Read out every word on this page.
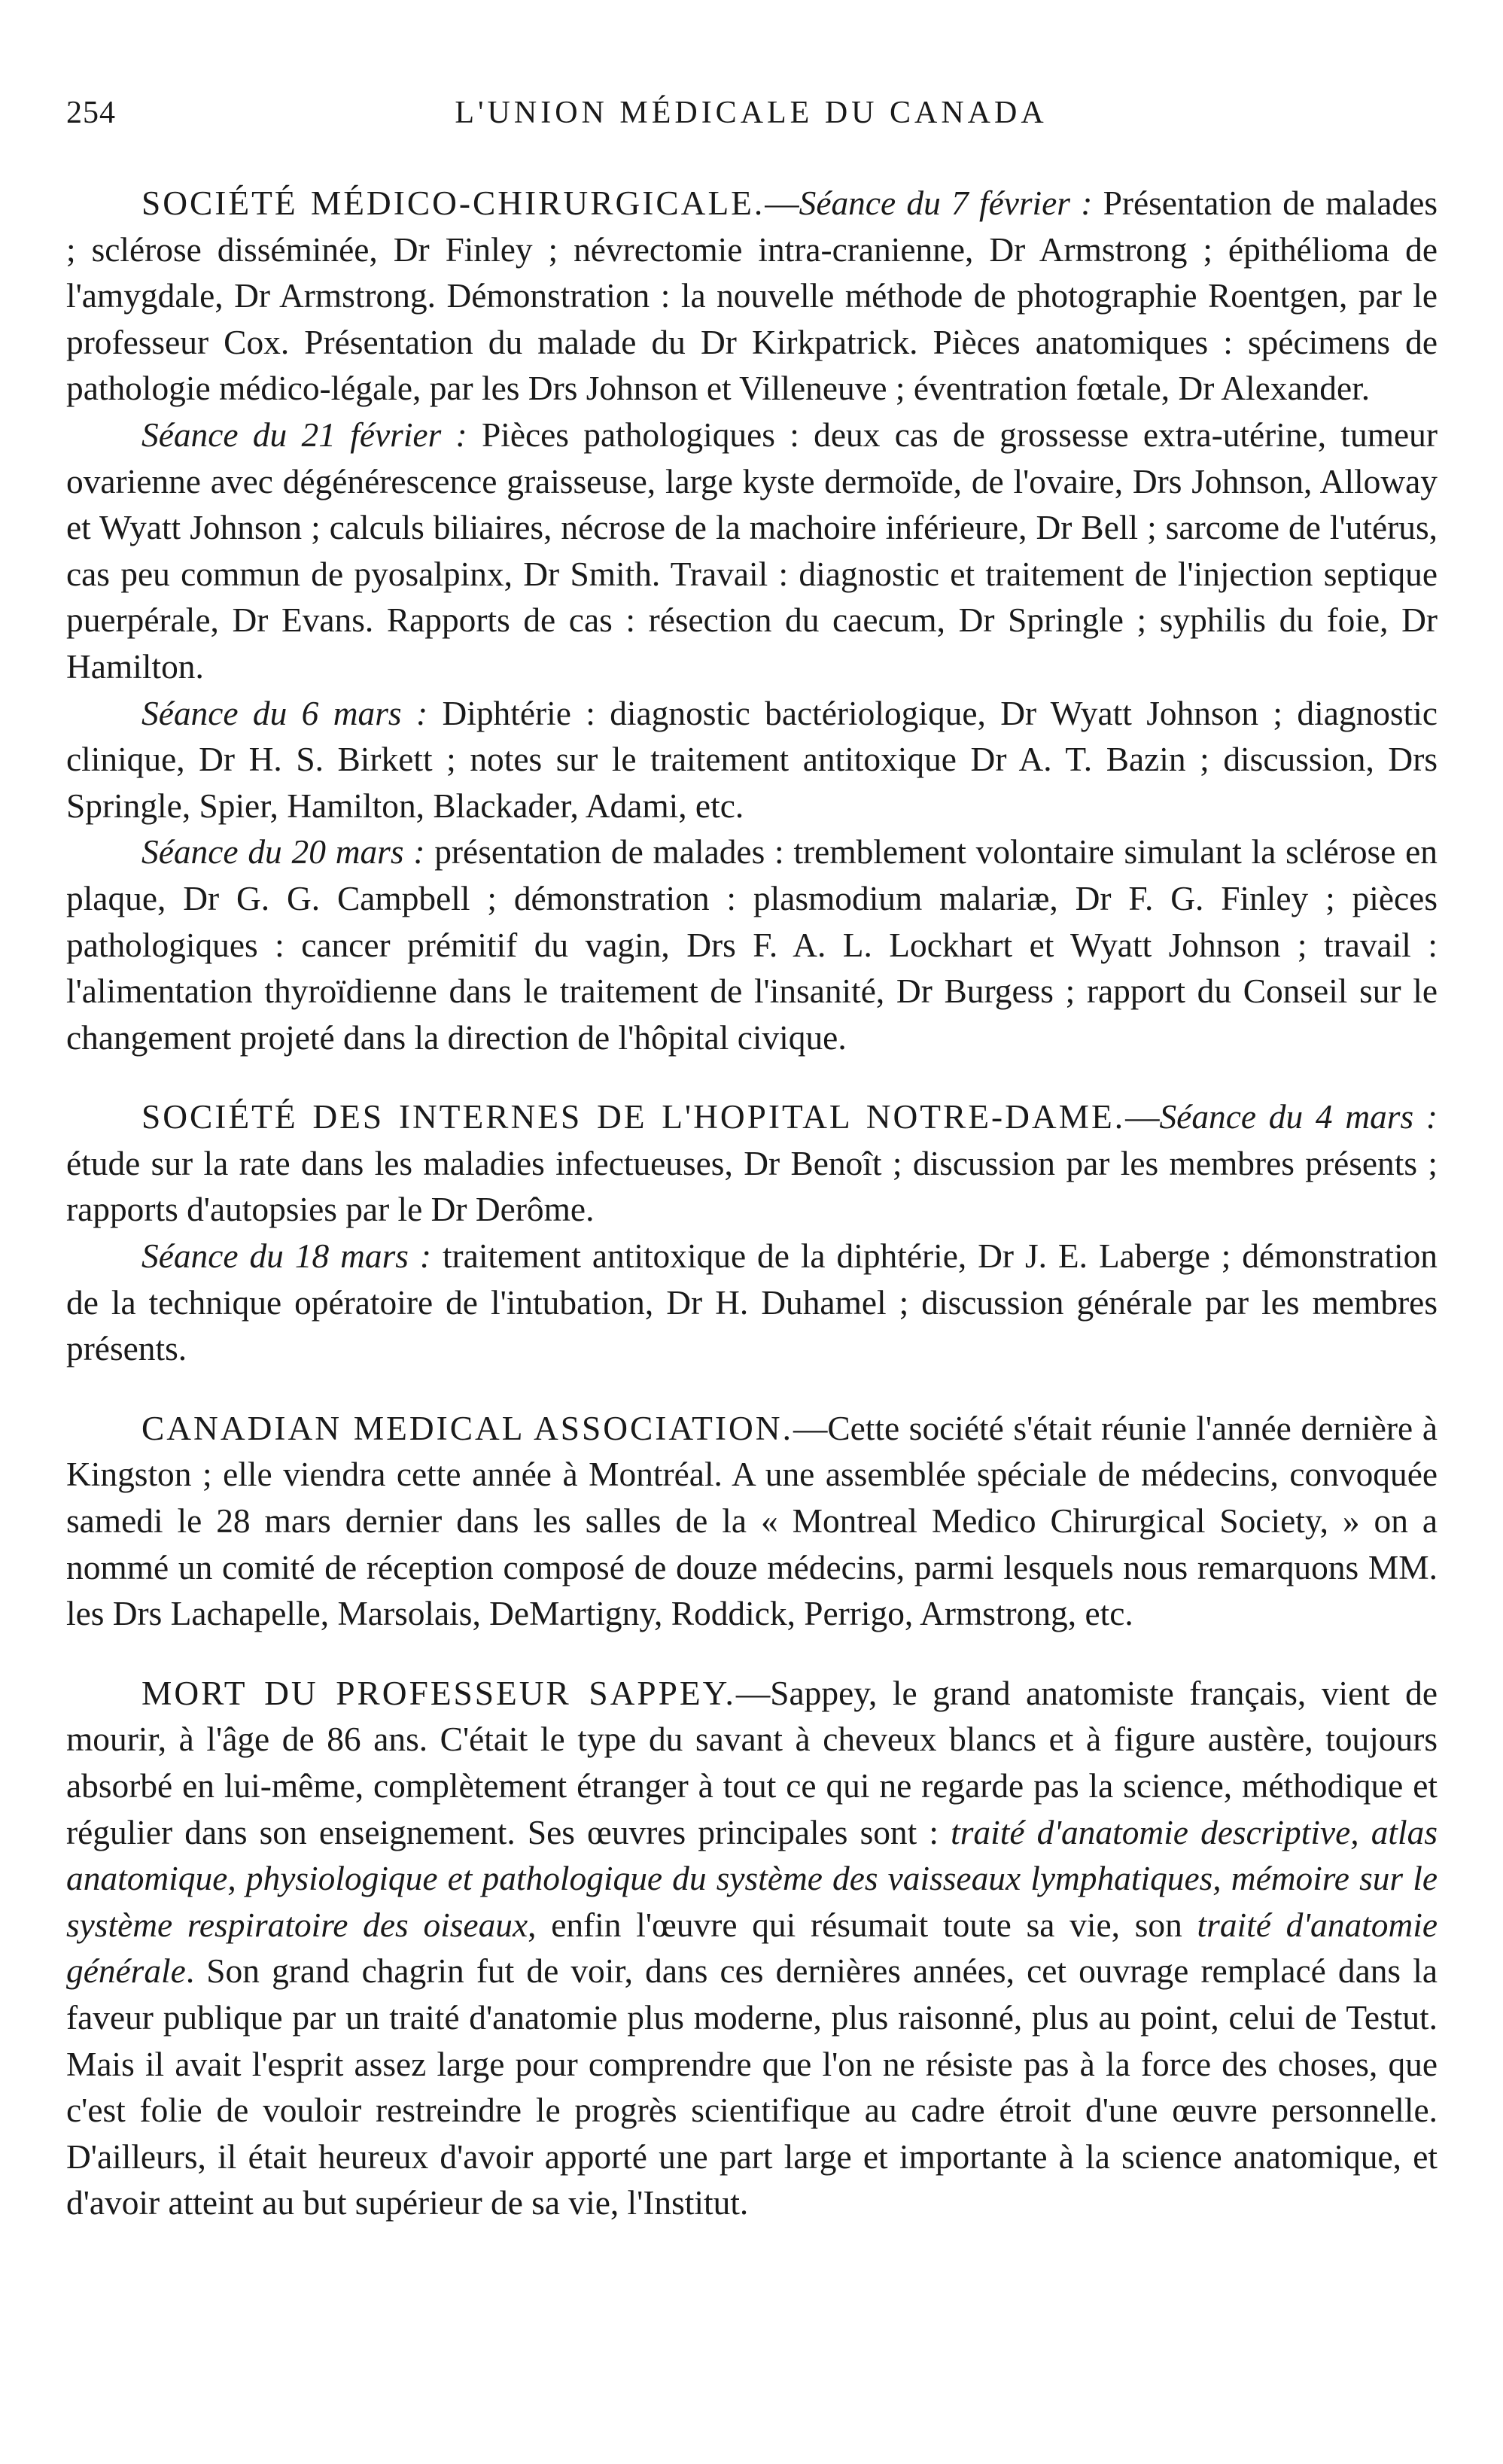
254	L'UNION MÉDICALE DU CANADA

SOCIÉTÉ MÉDICO-CHIRURGICALE.—Séance du 7 février : Présentation de malades ; sclérose disséminée, Dr Finley ; névrectomie intra-cranienne, Dr Armstrong ; épithélioma de l'amygdale, Dr Armstrong. Démonstration : la nouvelle méthode de photographie Roentgen, par le professeur Cox. Présentation du malade du Dr Kirkpatrick. Pièces anatomiques : spécimens de pathologie médico-légale, par les Drs Johnson et Villeneuve ; éventration fœtale, Dr Alexander.

Séance du 21 février : Pièces pathologiques : deux cas de grossesse extra-utérine, tumeur ovarienne avec dégénérescence graisseuse, large kyste dermoïde, de l'ovaire, Drs Johnson, Alloway et Wyatt Johnson ; calculs biliaires, nécrose de la machoire inférieure, Dr Bell ; sarcome de l'utérus, cas peu commun de pyosalpinx, Dr Smith. Travail : diagnostic et traitement de l'injection septique puerpérale, Dr Evans. Rapports de cas : résection du caecum, Dr Springle ; syphilis du foie, Dr Hamilton.

Séance du 6 mars : Diphtérie : diagnostic bactériologique, Dr Wyatt Johnson ; diagnostic clinique, Dr H. S. Birkett ; notes sur le traitement antitoxique Dr A. T. Bazin ; discussion, Drs Springle, Spier, Hamilton, Blackader, Adami, etc.

Séance du 20 mars : présentation de malades : tremblement volontaire simulant la sclérose en plaque, Dr G. G. Campbell ; démonstration : plasmodium malariæ, Dr F. G. Finley ; pièces pathologiques : cancer prémitif du vagin, Drs F. A. L. Lockhart et Wyatt Johnson ; travail : l'alimentation thyroïdienne dans le traitement de l'insanité, Dr Burgess ; rapport du Conseil sur le changement projeté dans la direction de l'hôpital civique.

SOCIÉTÉ DES INTERNES DE L'HOPITAL NOTRE-DAME.—Séance du 4 mars : étude sur la rate dans les maladies infectueuses, Dr Benoît ; discussion par les membres présents ; rapports d'autopsies par le Dr Derôme.

Séance du 18 mars : traitement antitoxique de la diphtérie, Dr J. E. Laberge ; démonstration de la technique opératoire de l'intubation, Dr H. Duhamel ; discussion générale par les membres présents.

CANADIAN MEDICAL ASSOCIATION.—Cette société s'était réunie l'année dernière à Kingston ; elle viendra cette année à Montréal. A une assemblée spéciale de médecins, convoquée samedi le 28 mars dernier dans les salles de la « Montreal Medico Chirurgical Society, » on a nommé un comité de réception composé de douze médecins, parmi lesquels nous remarquons MM. les Drs Lachapelle, Marsolais, DeMartigny, Roddick, Perrigo, Armstrong, etc.

MORT DU PROFESSEUR SAPPEY.—Sappey, le grand anatomiste français, vient de mourir, à l'âge de 86 ans. C'était le type du savant à cheveux blancs et à figure austère, toujours absorbé en lui-même, complètement étranger à tout ce qui ne regarde pas la science, méthodique et régulier dans son enseignement. Ses œuvres principales sont : traité d'anatomie descriptive, atlas anatomique, physiologique et pathologique du système des vaisseaux lymphatiques, mémoire sur le système respiratoire des oiseaux, enfin l'œuvre qui résumait toute sa vie, son traité d'anatomie générale. Son grand chagrin fut de voir, dans ces dernières années, cet ouvrage remplacé dans la faveur publique par un traité d'anatomie plus moderne, plus raisonné, plus au point, celui de Testut. Mais il avait l'esprit assez large pour comprendre que l'on ne résiste pas à la force des choses, que c'est folie de vouloir restreindre le progrès scientifique au cadre étroit d'une œuvre personnelle. D'ailleurs, il était heureux d'avoir apporté une part large et importante à la science anatomique, et d'avoir atteint au but supérieur de sa vie, l'Institut.
